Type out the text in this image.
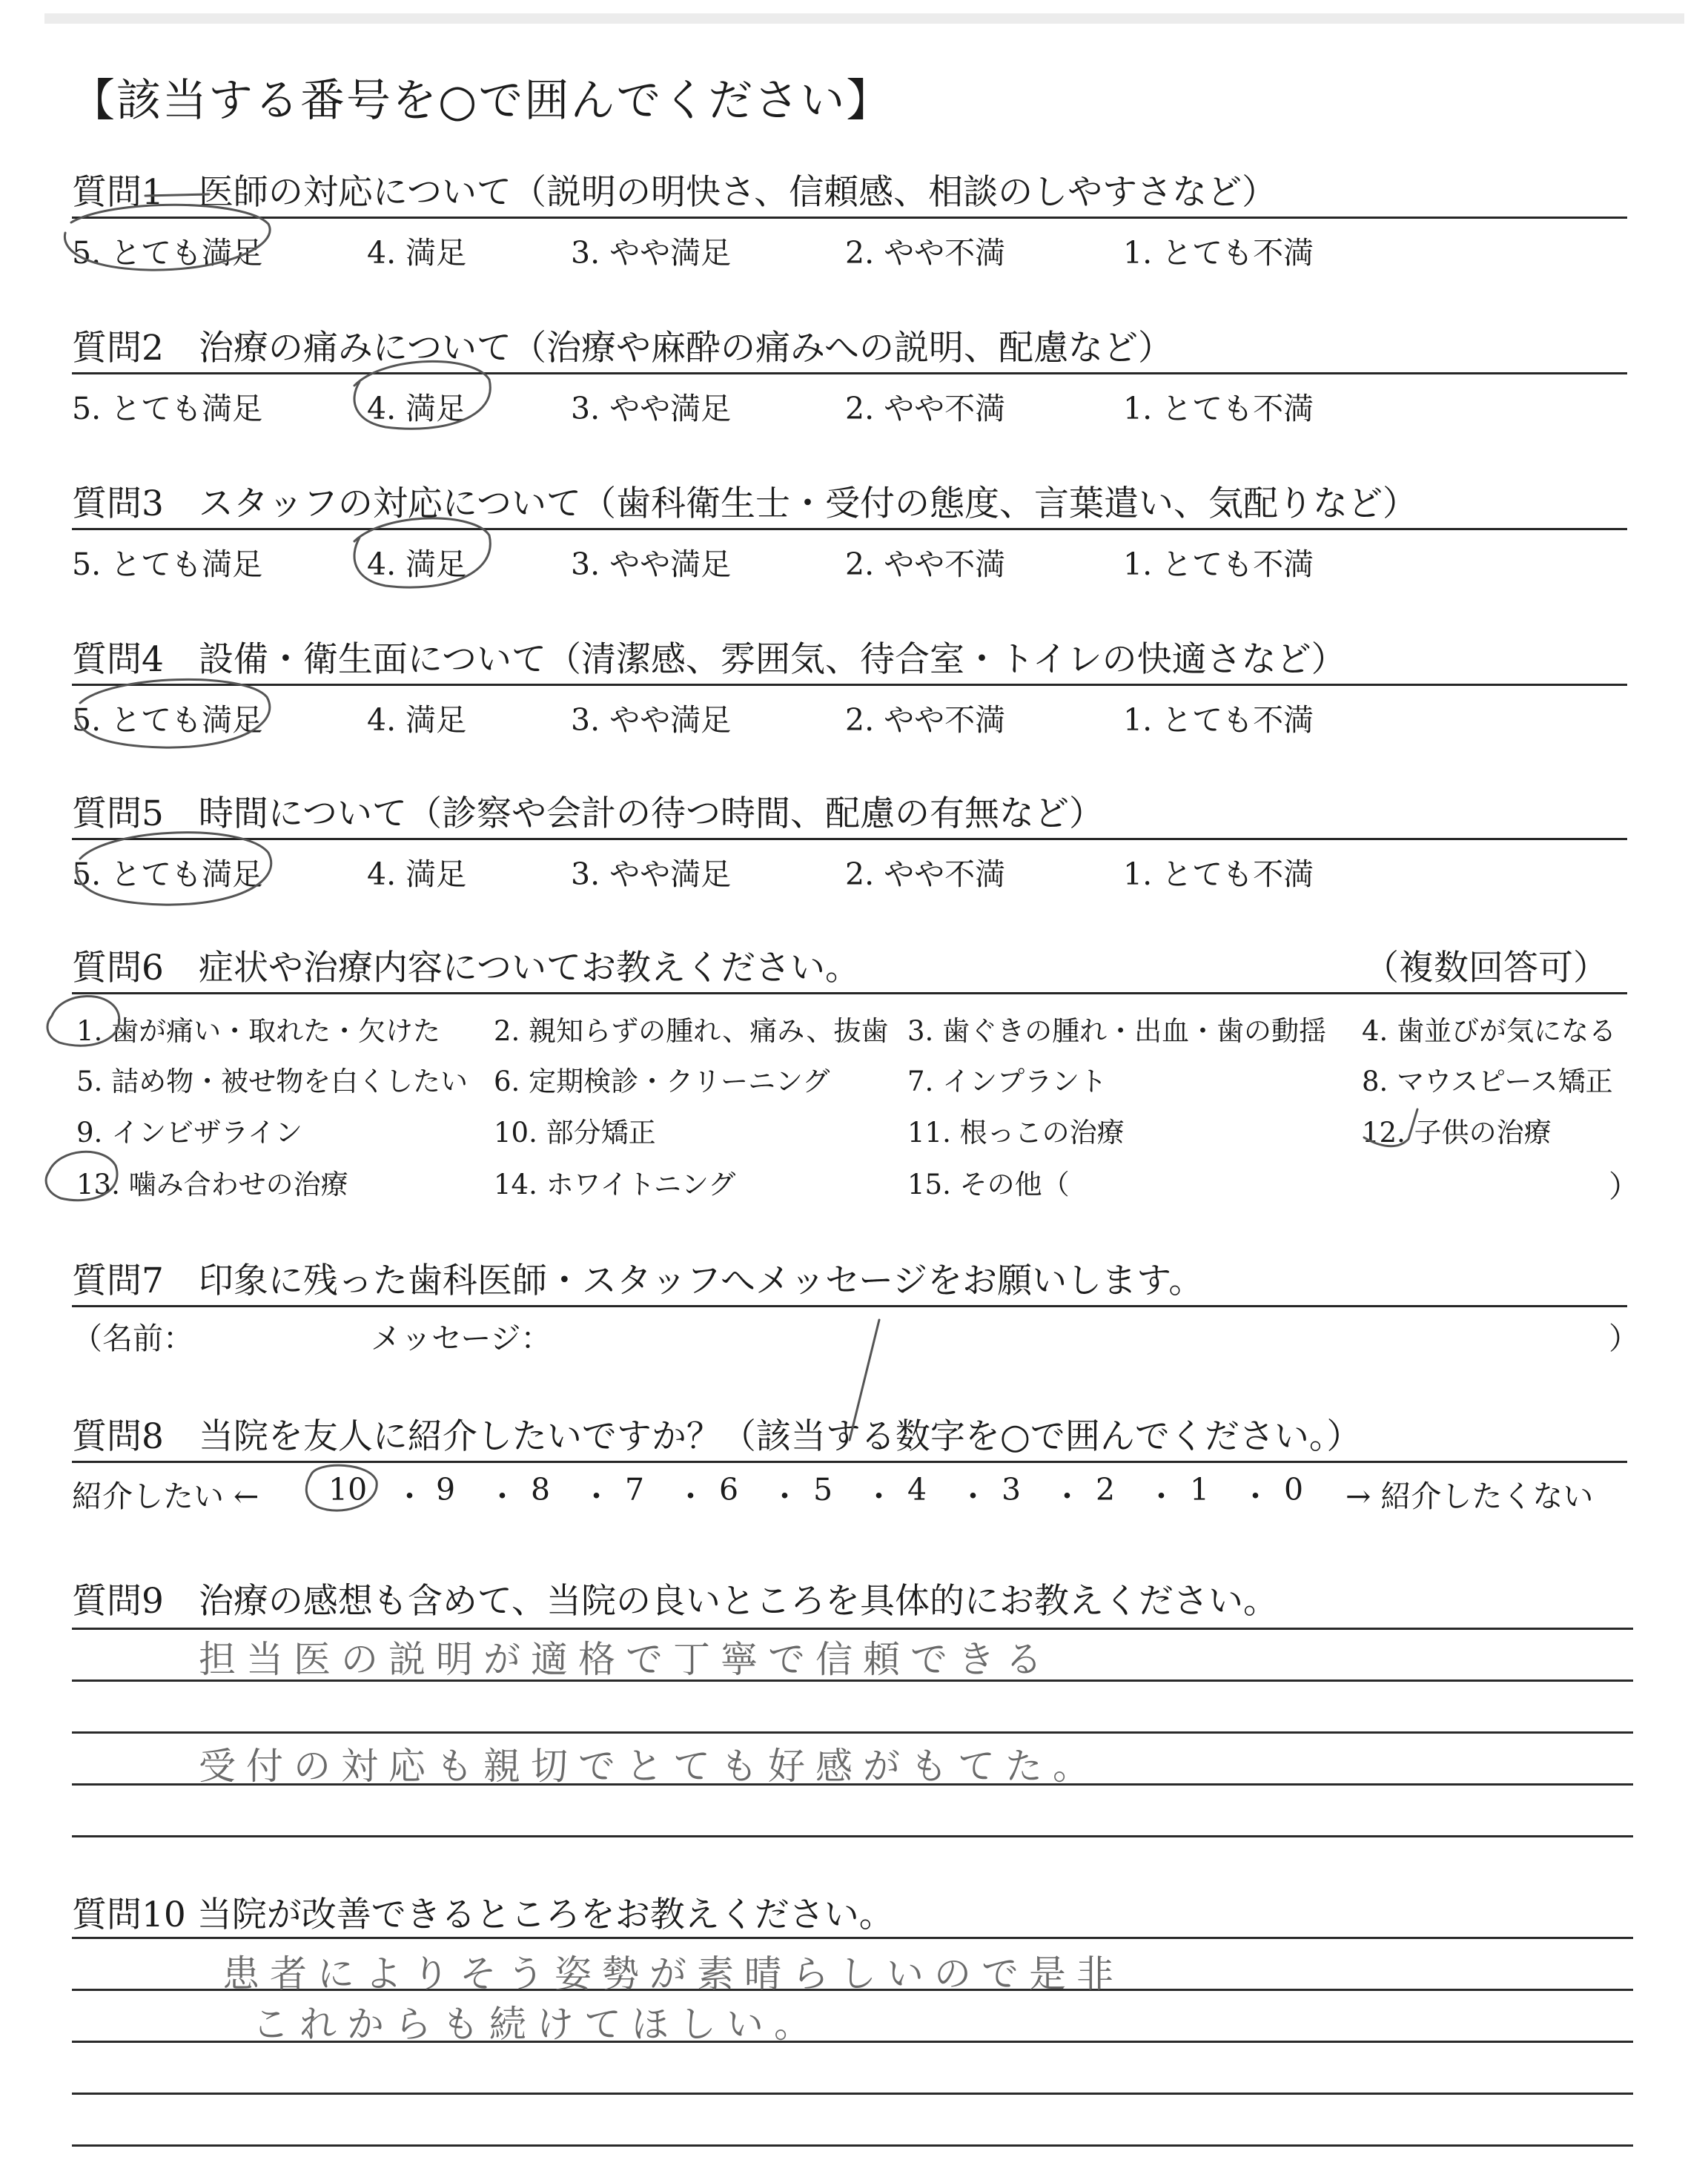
【該当する番号を○で囲んでください】
質問1　医師の対応について（説明の明快さ、信頼感、相談のしやすさなど）
5. とても満足	4. 満足	3. やや満足	2. やや不満	1. とても不満
質問2　治療の痛みについて（治療や麻酔の痛みへの説明、配慮など）
5. とても満足	4. 満足	3. やや満足	2. やや不満	1. とても不満
質問3　スタッフの対応について（歯科衛生士・受付の態度、言葉遣い、気配りなど）
5. とても満足	4. 満足	3. やや満足	2. やや不満	1. とても不満
質問4　設備・衛生面について（清潔感、雰囲気、待合室・トイレの快適さなど）
5. とても満足	4. 満足	3. やや満足	2. やや不満	1. とても不満
質問5　時間について（診察や会計の待つ時間、配慮の有無など）
5. とても満足	4. 満足	3. やや満足	2. やや不満	1. とても不満
質問6　症状や治療内容についてお教えください。	（複数回答可）
1. 歯が痛い・取れた・欠けた 2. 親知らずの腫れ、痛み、抜歯 3. 歯ぐきの腫れ・出血・歯の動揺 4. 歯並びが気になる
5. 詰め物・被せ物を白くしたい 6. 定期検診・クリーニング	7. インプラント	8. マウスピース矯正
9. インビザライン	10. 部分矯正	11. 根っこの治療	12. 子供の治療
13. 噛み合わせの治療	14. ホワイトニング	15. その他（	）
質問7　印象に残った歯科医師・スタッフへメッセージをお願いします。
（名前：	メッセージ：	）
質問8　当院を友人に紹介したいですか？（該当する数字を○で囲んでください。）
紹介したい ← 10 ・ 9 ・ 8 ・ 7 ・ 6 ・ 5 ・ 4 ・ 3 ・ 2 ・ 1 ・ 0 → 紹介したくない
質問9　治療の感想も含めて、当院の良いところを具体的にお教えください。
担当医の説明が適格で丁寧で信頼できる
受付の対応も親切でとても好感がもてた。
質問10 当院が改善できるところをお教えください。
患者によりそう姿勢が素晴らしいので是非
これからも続けてほしい。
